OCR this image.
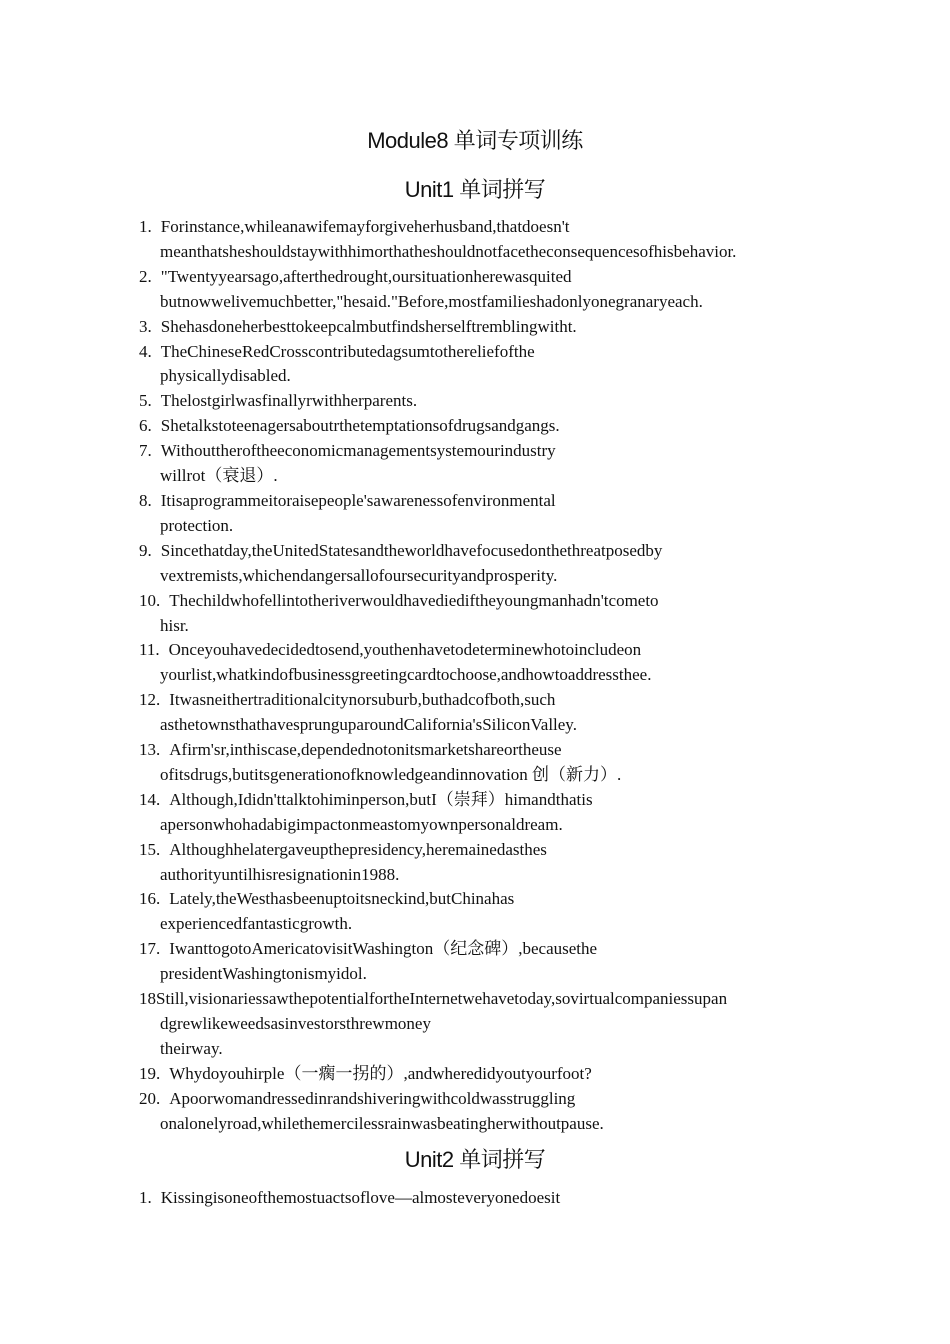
Module8 单词专项训练
Unit1 单词拼写
1. Forinstance,whileanawifemayforgiveherhusband,thatdoesn't
meanthatsheshouldstaywithhimorthatheshouldnotfacetheconsequencesofhisbehavior.
2. "Twentyyearsago,afterthedrought,oursituationherewasquited
butnowwelivemuchbetter,"hesaid."Before,mostfamilieshadonlyonegranaryeach.
3. Shehasdoneherbesttokeepcalmbutfindsherselftremblingwitht.
4. TheChineseRedCrosscontributedagsumtothereliefofthe
physicallydisabled.
5. Thelostgirlwasfinallyrwithherparents.
6. Shetalkstoteenagersaboutrthetemptationsofdrugsandgangs.
7. Withouttheroftheeconomicmanagementsystemourindustry
willrot（衰退）.
8. Itisaprogrammeitoraisepeople'sawarenessofenvironmental
protection.
9. Sincethatday,theUnitedStatesandtheworldhavefocusedonthethreatposedby
vextremists,whichendangersallofoursecurityandprosperity.
10. Thechildwhofellintotheriverwouldhavediediftheyoungmanhadn'tcometo
hisr.
11. Onceyouhavedecidedtosend,youthenhavetodeterminewhotoincludeon
yourlist,whatkindofbusinessgreetingcardtochoose,andhowtoaddressthee.
12. Itwasneithertraditionalcitynorsuburb,buthadcofboth,such
asthetownsthathavesprunguparoundCalifornia'sSiliconValley.
13. Afirm'sr,inthiscase,dependednotonitsmarketshareortheuse
ofitsdrugs,butitsgenerationofknowledgeandinnovation 创（新力）.
14. Although,Ididn'ttalktohiminperson,butI（崇拜）himandthatis
apersonwhohadabigimpactonmeastomyownpersonaldream.
15. Althoughhelatergaveupthepresidency,heremainedasthes
authorityuntilhisresignationin1988.
16. Lately,theWesthasbeenuptoitsneckind,butChinahas
experiencedfantasticgrowth.
17. IwanttogotoAmericatovisitWashington（纪念碑）,becausethe
presidentWashingtonismyidol.
18Still,visionariessawthepotentialfortheInternetwehavetoday,sovirtualcompaniessupan
dgrewlikeweedsasinvestorsthrewmoney
theirway.
19. Whydoyouhirple（一瘸一拐的）,andwheredidyoutyourfoot?
20. Apoorwomandressedinrandshiveringwithcoldwasstruggling
onalonelyroad,whilethemercilessrainwasbeatingherwithoutpause.
Unit2 单词拼写
1. Kissingisoneofthemostuactsoflove—almosteveryonedoesit
